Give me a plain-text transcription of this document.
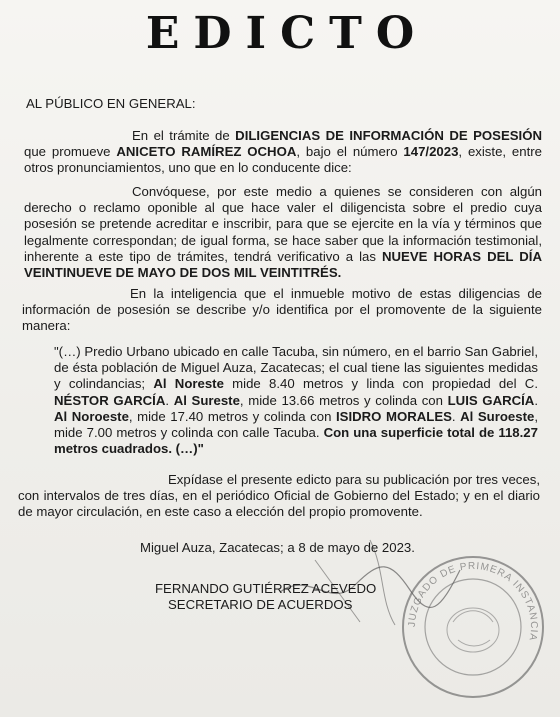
EDICTO
AL PÚBLICO EN GENERAL:
En el trámite de DILIGENCIAS DE INFORMACIÓN DE POSESIÓN que promueve ANICETO RAMÍREZ OCHOA, bajo el número 147/2023, existe, entre otros pronunciamientos, uno que en lo conducente dice:
Convóquese, por este medio a quienes se consideren con algún derecho o reclamo oponible al que hace valer el diligencista sobre el predio cuya posesión se pretende acreditar e inscribir, para que se ejercite en la vía y términos que legalmente correspondan; de igual forma, se hace saber que la información testimonial, inherente a este tipo de trámites, tendrá verificativo a las NUEVE HORAS DEL DÍA VEINTINUEVE DE MAYO DE DOS MIL VEINTITRÉS.
En la inteligencia que el inmueble motivo de estas diligencias de información de posesión se describe y/o identifica por el promovente de la siguiente manera:
"(…) Predio Urbano ubicado en calle Tacuba, sin número, en el barrio San Gabriel, de ésta población de Miguel Auza, Zacatecas; el cual tiene las siguientes medidas y colindancias; Al Noreste mide 8.40 metros y linda con propiedad del C. NÉSTOR GARCÍA. Al Sureste, mide 13.66 metros y colinda con LUIS GARCÍA. Al Noroeste, mide 17.40 metros y colinda con ISIDRO MORALES. Al Suroeste, mide 7.00 metros y colinda con calle Tacuba. Con una superficie total de 118.27 metros cuadrados. (…)"
Expídase el presente edicto para su publicación por tres veces, con intervalos de tres días, en el periódico Oficial de Gobierno del Estado; y en el diario de mayor circulación, en este caso a elección del propio promovente.
Miguel Auza, Zacatecas; a 8 de mayo de 2023.
FERNANDO GUTIÉRREZ ACEVEDO
SECRETARIO DE ACUERDOS
JUZGADO DE PRIMERA INSTANCIA
